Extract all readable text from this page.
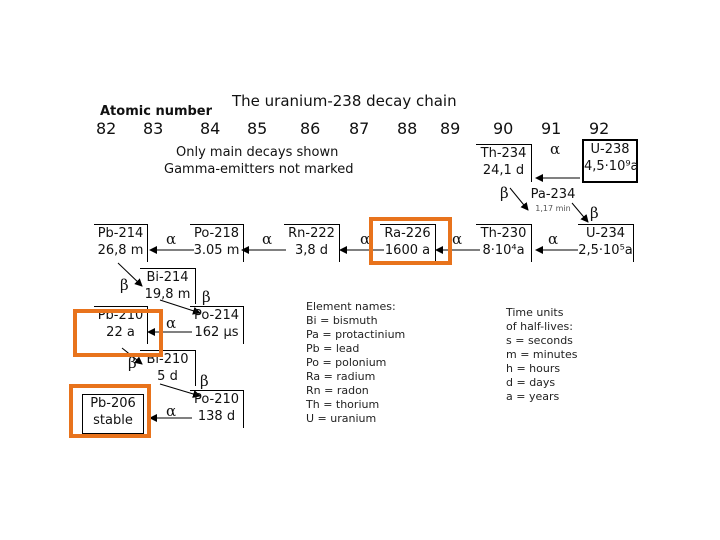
The uranium-238 decay chain
Atomic number
82 83 84 85 86 87 88 89 90 91 92
Only main decays shown
Gamma-emitters not marked
U-238
4,5·10⁹a
Th-234
24,1 d
Pa-234
1,17 min
U-234
2,5·10⁵a
Th-230
8·10⁴a
Ra-226
1600 a
Rn-222
3,8 d
Po-218
3.05 m
Pb-214
26,8 m
Bi-214
19,8 m
Po-214
162 μs
Pb-210
22 a
Bi-210
5 d
Po-210
138 d
Pb-206
stable
α
β
β
α
α
α
α
α
β
β
α
β
β
α
Element names:
Bi = bismuth
Pa = protactinium
Pb = lead
Po = polonium
Ra = radium
Rn = radon
Th = thorium
U = uranium
Time units
of half-lives:
s = seconds
m = minutes
h = hours
d = days
a = years
